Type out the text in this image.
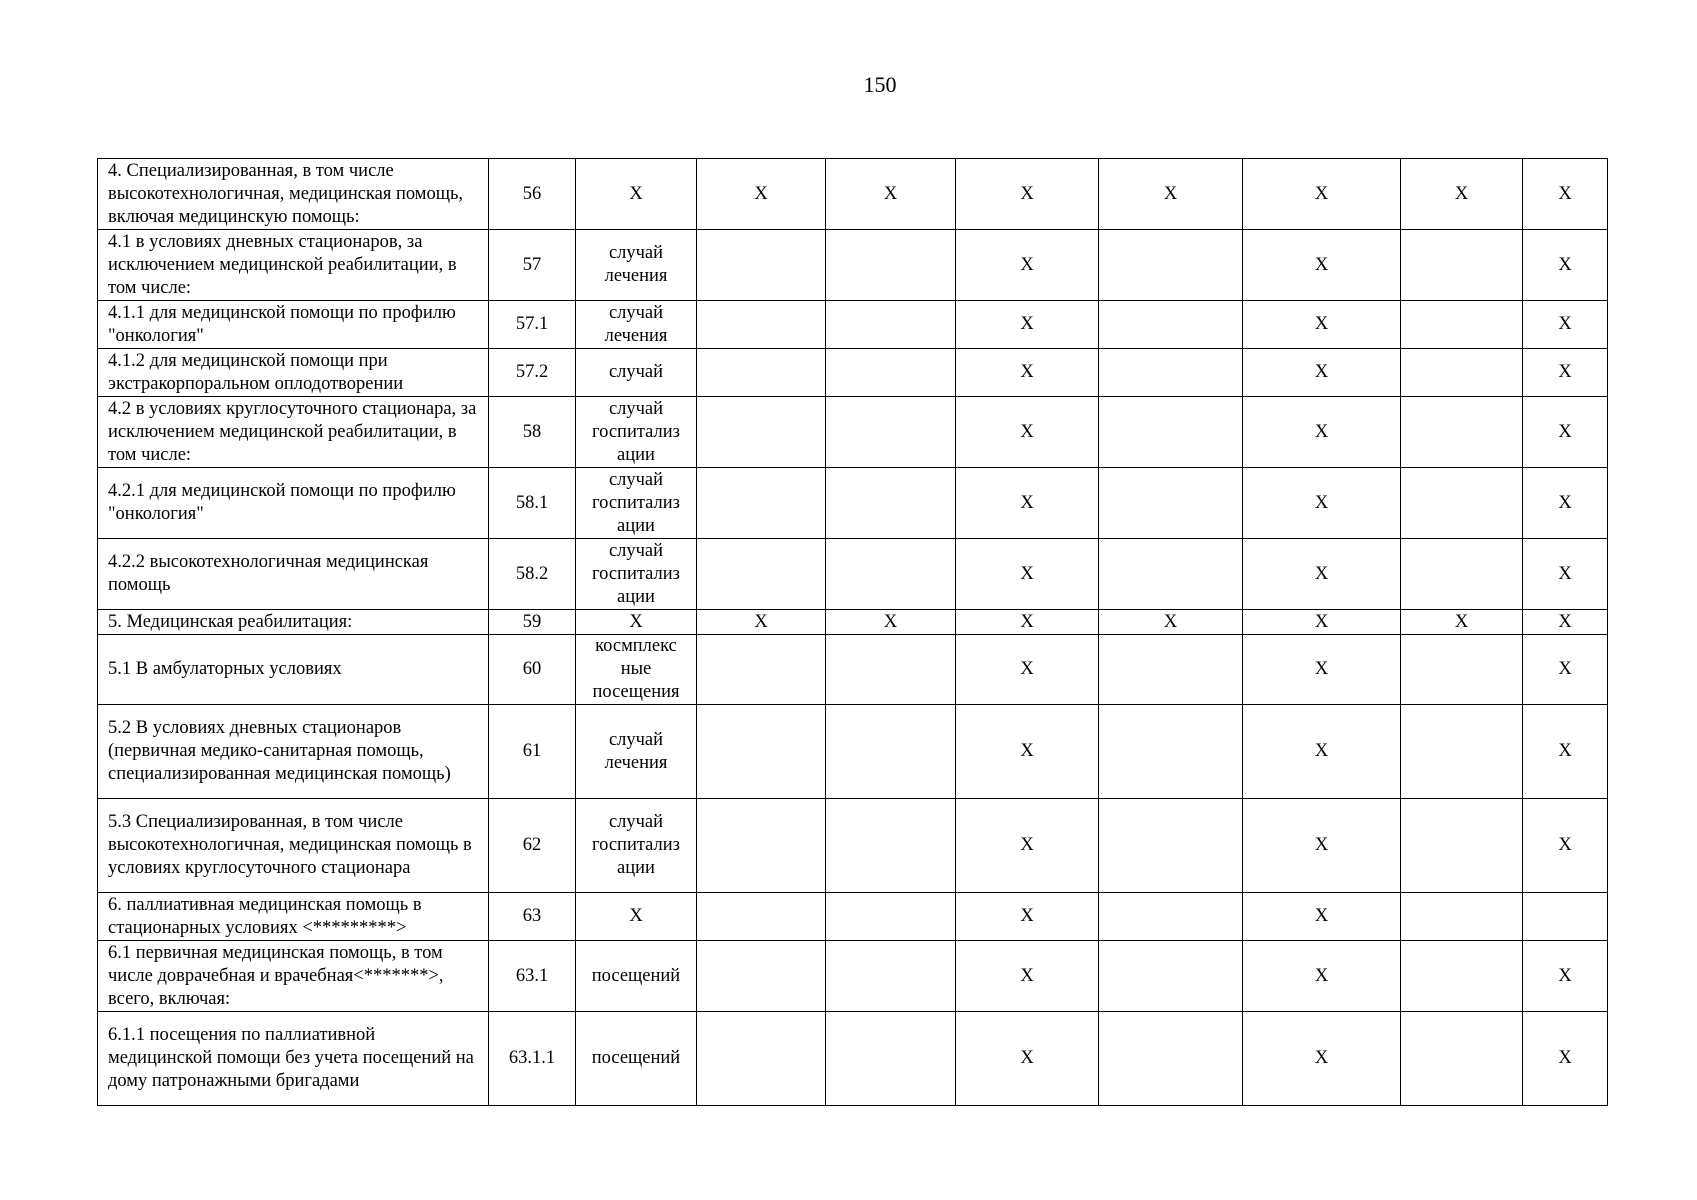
150
4. Специализированная, в том числе высокотехнологичная, медицинская помощь, включая медицинскую помощь:	56	Х	Х	Х	Х	Х	Х	Х	Х
4.1 в условиях дневных стационаров, за исключением медицинской реабилитации, в том числе:	57	случай лечения			Х		Х		Х
4.1.1 для медицинской помощи по профилю "онкология"	57.1	случай лечения			Х		Х		Х
4.1.2 для медицинской помощи при экстракорпоральном оплодотворении	57.2	случай			Х		Х		Х
4.2 в условиях круглосуточного стационара, за исключением медицинской реабилитации, в том числе:	58	случай госпитализ ации			Х		Х		Х
4.2.1 для медицинской помощи по профилю "онкология"	58.1	случай госпитализ ации			Х		Х		Х
4.2.2 высокотехнологичная медицинская помощь	58.2	случай госпитализ ации			Х		Х		Х
5. Медицинская реабилитация:	59	Х	Х	Х	Х	Х	Х	Х	Х
5.1 В амбулаторных условиях	60	космплекс ные посещения			Х		Х		Х
5.2 В условиях дневных стационаров (первичная медико-санитарная помощь, специализированная медицинская помощь)	61	случай лечения			Х		Х		Х
5.3 Специализированная, в том числе высокотехнологичная, медицинская помощь в условиях круглосуточного стационара	62	случай госпитализ ации			Х		Х		Х
6. паллиативная медицинская помощь в стационарных условиях <*********>	63	Х			Х		Х		
6.1 первичная медицинская помощь, в том числе доврачебная и врачебная<*******>, всего, включая:	63.1	посещений			Х		Х		Х
6.1.1 посещения по паллиативной медицинской помощи без учета посещений на дому патронажными бригадами	63.1.1	посещений			Х		Х		Х
